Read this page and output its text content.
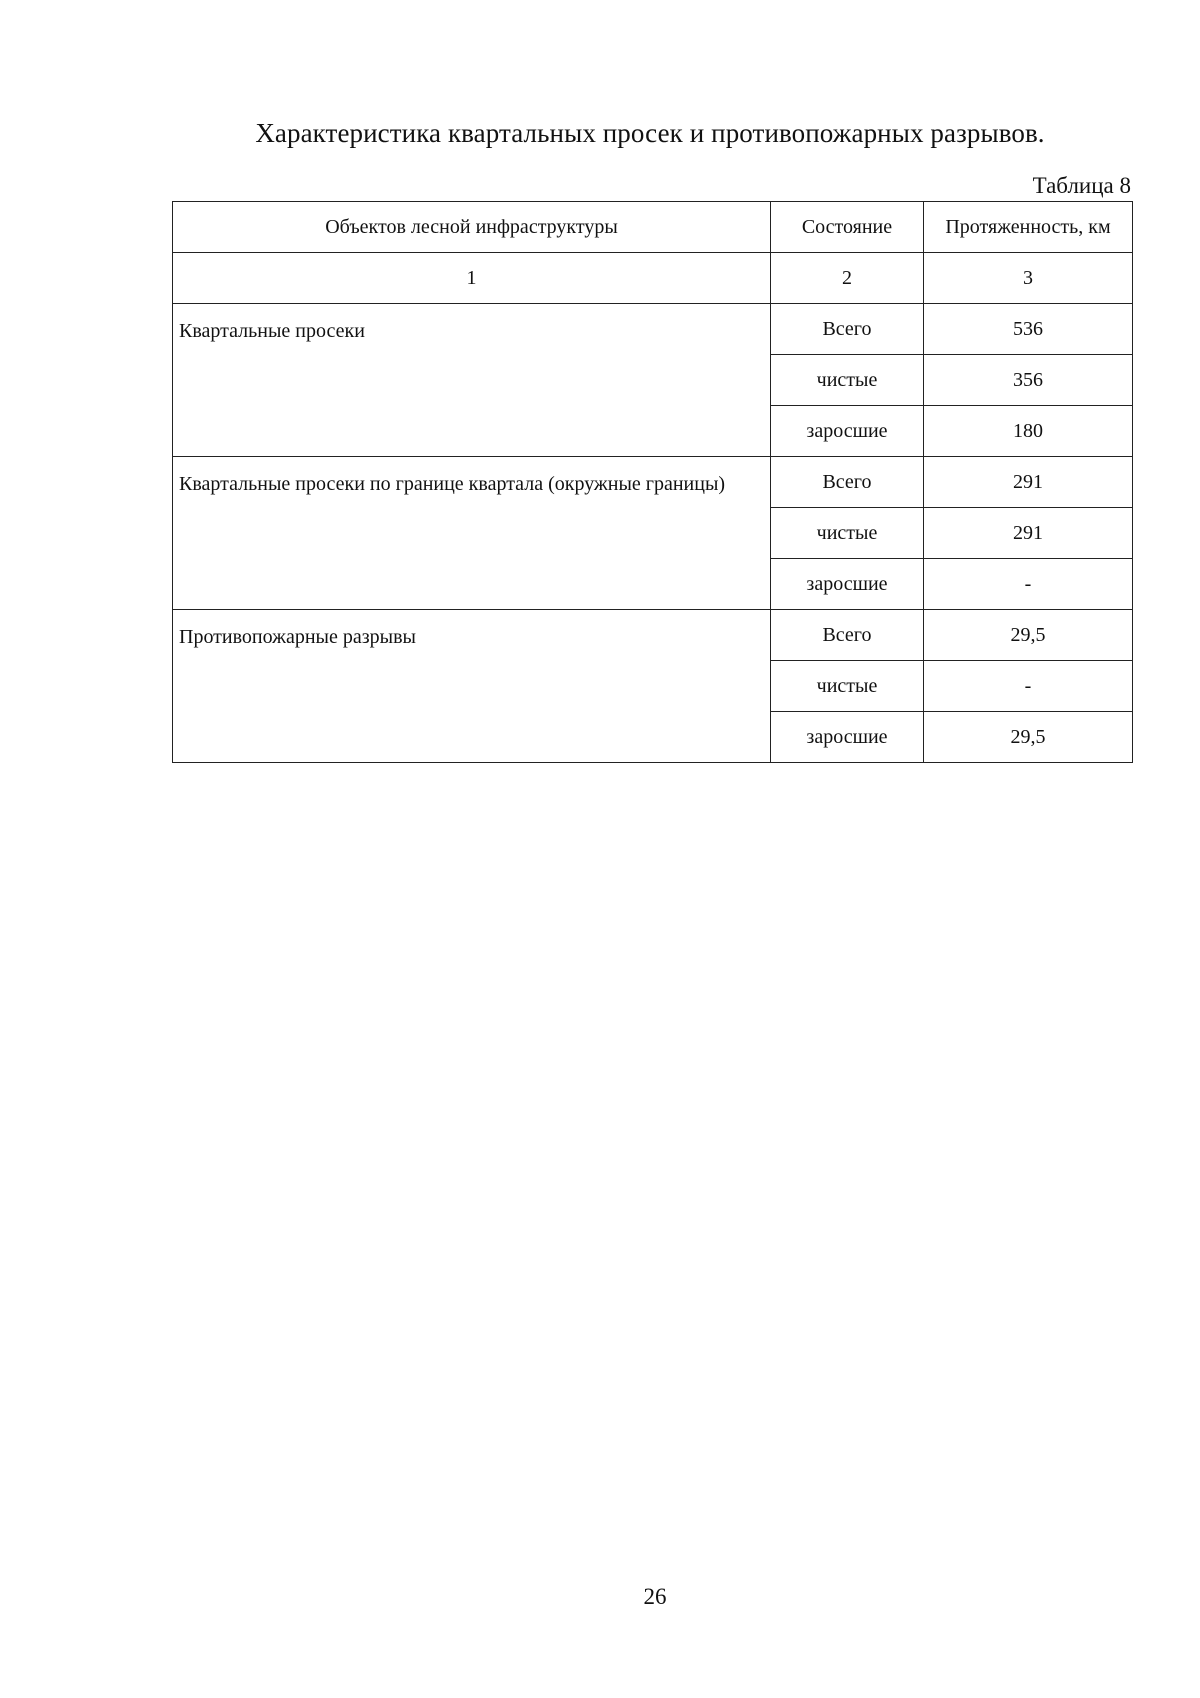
Характеристика квартальных просек и противопожарных разрывов.
Таблица 8
Объектов лесной инфраструктуры	Состояние	Протяженность, км
1	2	3
Квартальные просеки	Всего	536
	чистые	356
	заросшие	180
Квартальные просеки по границе квартала (окружные границы)	Всего	291
	чистые	291
	заросшие	-
Противопожарные разрывы	Всего	29,5
	чистые	-
	заросшие	29,5
26
